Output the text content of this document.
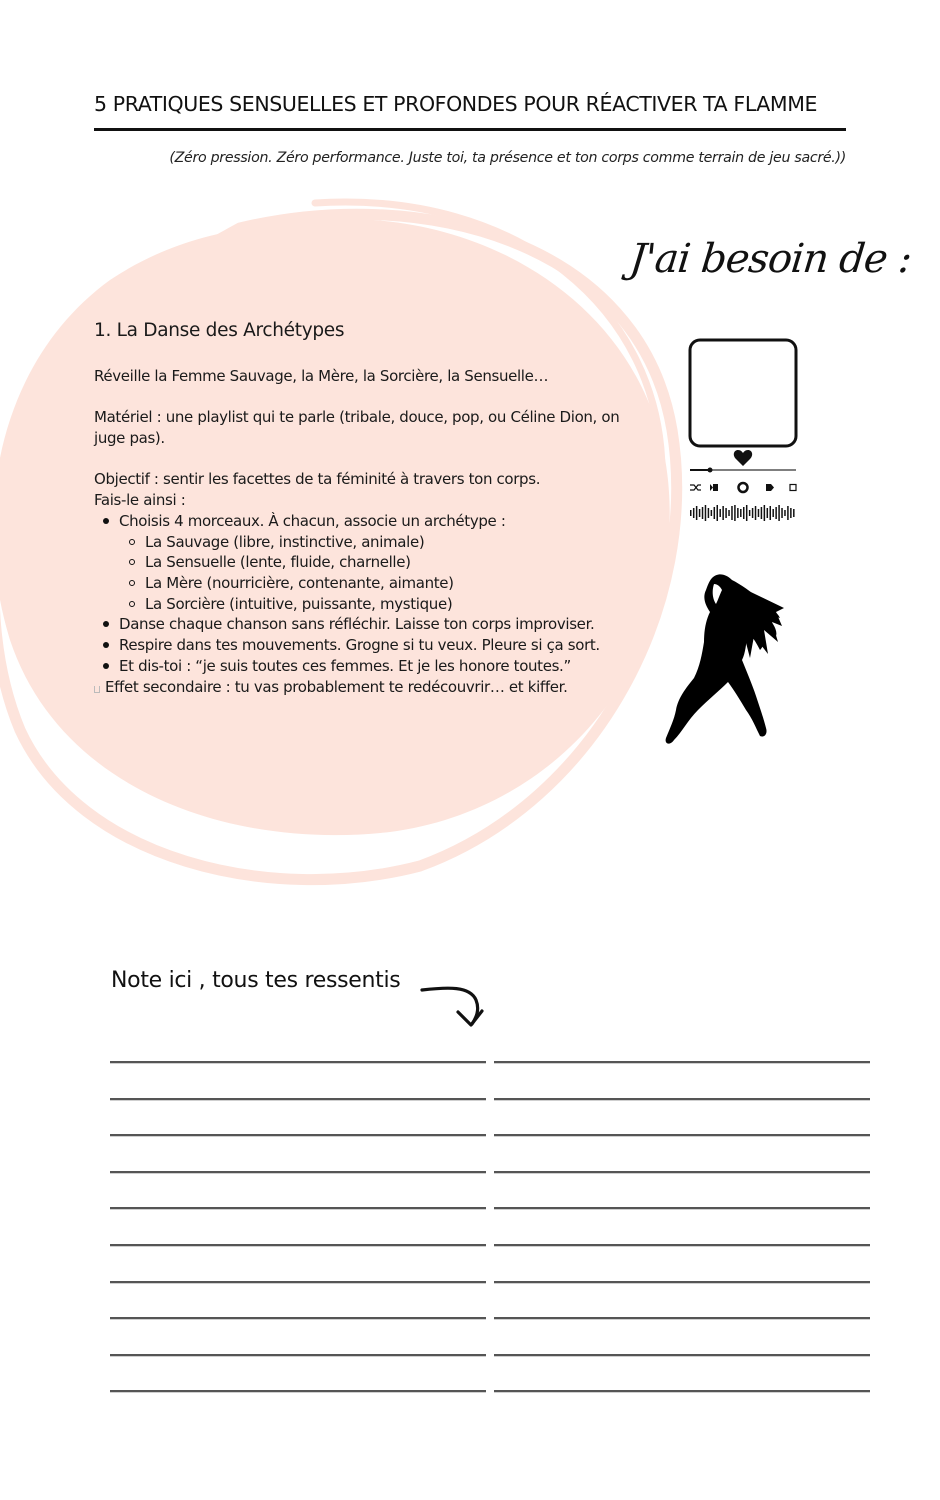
5 PRATIQUES SENSUELLES ET PROFONDES POUR RÉACTIVER TA FLAMME
(Zéro pression. Zéro performance. Juste toi, ta présence et ton corps comme terrain de jeu sacré.))
J'ai besoin de :
1. La Danse des Archétypes
Réveille la Femme Sauvage, la Mère, la Sorcière, la Sensuelle…
Matériel : une playlist qui te parle (tribale, douce, pop, ou Céline Dion, on juge pas).
Objectif : sentir les facettes de ta féminité à travers ton corps.
Fais-le ainsi :
Choisis 4 morceaux. À chacun, associe un archétype :
La Sauvage (libre, instinctive, animale)
La Sensuelle (lente, fluide, charnelle)
La Mère (nourricière, contenante, aimante)
La Sorcière (intuitive, puissante, mystique)
Danse chaque chanson sans réfléchir. Laisse ton corps improviser.
Respire dans tes mouvements. Grogne si tu veux. Pleure si ça sort.
Et dis-toi : “je suis toutes ces femmes. Et je les honore toutes.”
Effet secondaire : tu vas probablement te redécouvrir… et kiffer.
Note ici , tous tes ressentis
